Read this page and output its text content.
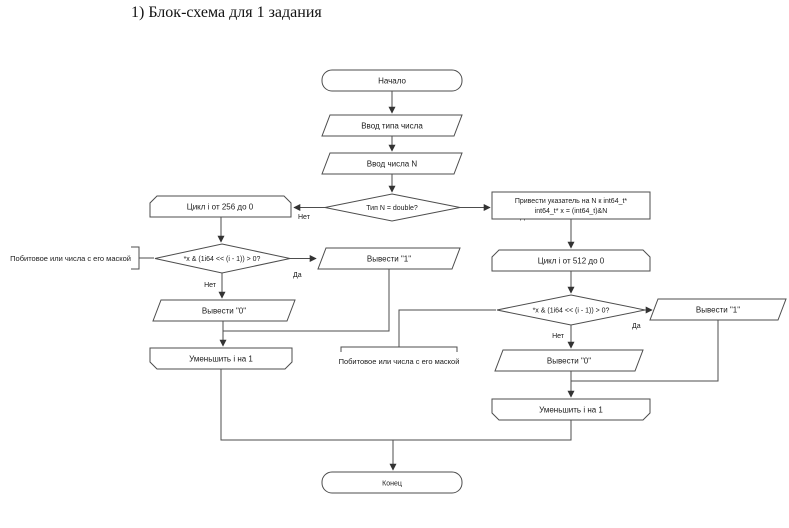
1) Блок-схема для 1 задания
Нет
Нет
Да
Нет
Да
Начало
Ввод типа числа
Ввод числа N
Тип N = double?
Цикл i от 256 до 0
Привести указатель на N к int64_t*
int64_t* x = (int64_t)&N
*x & (1i64 << (i - 1)) > 0?
Побитовое или числа с его маской	Вывести "1"
Вывести "0"
Уменьшить i на 1
Цикл i от 512 до 0
*x & (1i64 << (i - 1)) > 0?	Вывести "1"
Вывести "0"
Побитовое или числа с его маской
Уменьшить i на 1
Конец
